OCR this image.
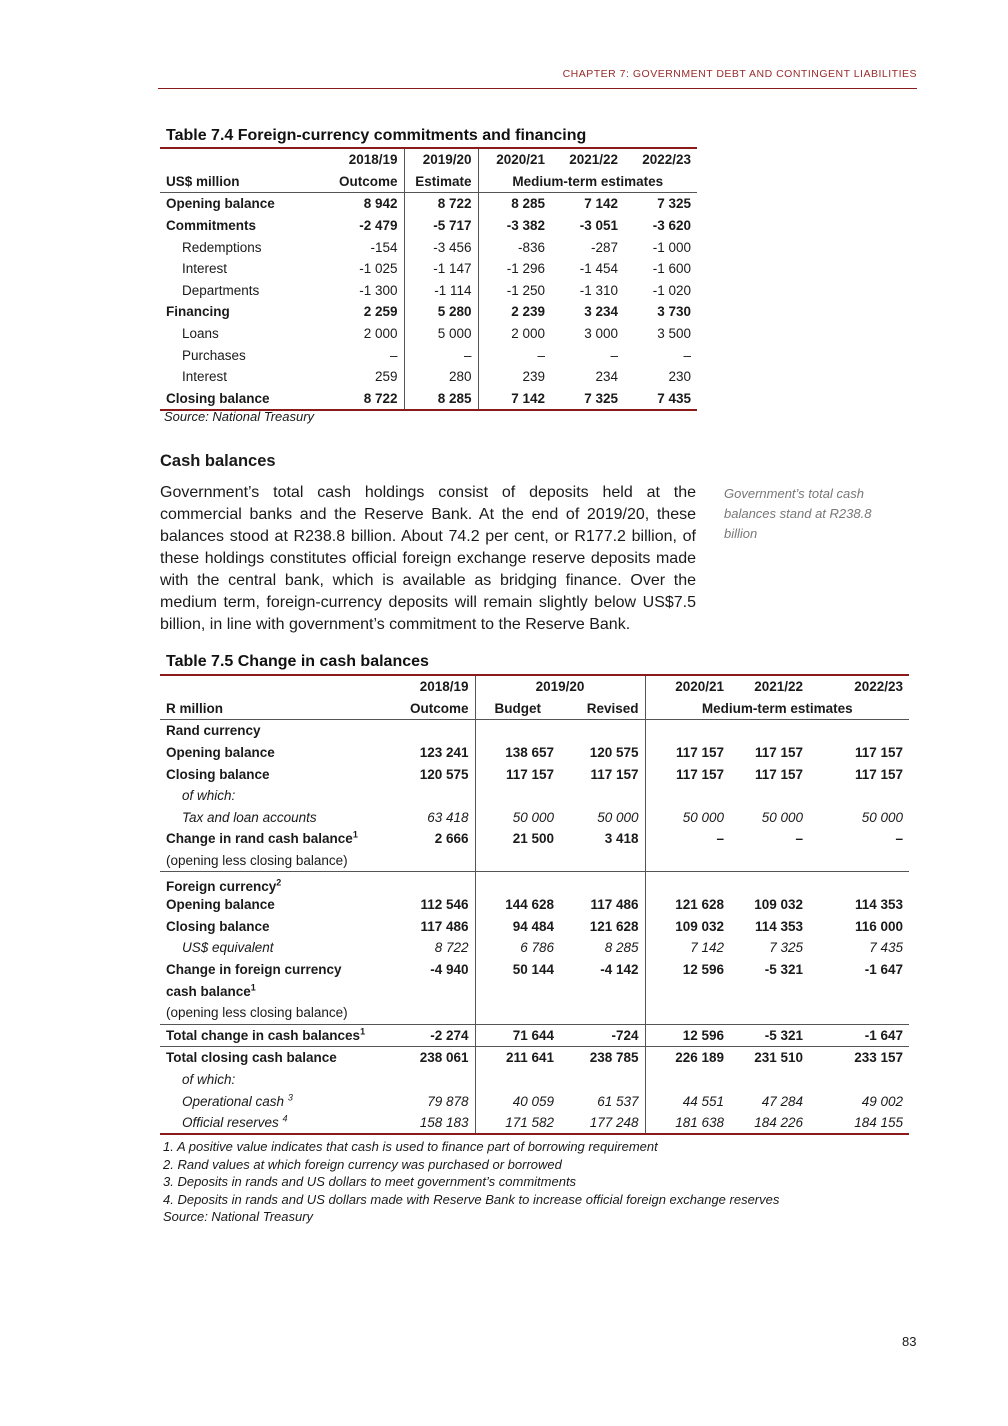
CHAPTER 7: GOVERNMENT DEBT AND CONTINGENT LIABILITIES
Table 7.4 Foreign-currency commitments and financing
	2018/19	2019/20	2020/21	2021/22	2022/23
US$ million	Outcome	Estimate	Medium-term estimates		
Opening balance	8 942	8 722	8 285	7 142	7 325
Commitments	-2 479	-5 717	-3 382	-3 051	-3 620
Redemptions	-154	-3 456	-836	-287	-1 000
Interest	-1 025	-1 147	-1 296	-1 454	-1 600
Departments	-1 300	-1 114	-1 250	-1 310	-1 020
Financing	2 259	5 280	2 239	3 234	3 730
Loans	2 000	5 000	2 000	3 000	3 500
Purchases	–	–	–	–	–
Interest	259	280	239	234	230
Closing balance	8 722	8 285	7 142	7 325	7 435
Source: National Treasury
Cash balances

Government’s total cash holdings consist of deposits held at the commercial banks and the Reserve Bank. At the end of 2019/20, these balances stood at R238.8 billion. About 74.2 per cent, or R177.2 billion, of these holdings constitutes official foreign exchange reserve deposits made with the central bank, which is available as bridging finance. Over the medium term, foreign-currency deposits will remain slightly below US$7.5 billion, in line with government’s commitment to the Reserve Bank.

Government’s total cash balances stand at R238.8 billion
Table 7.5 Change in cash balances
	2018/19	2019/20		2020/21	2021/22	2022/23
R million	Outcome	Budget	Revised	Medium-term estimates		
Rand currency						
Opening balance	123 241	138 657	120 575	117 157	117 157	117 157
Closing balance	120 575	117 157	117 157	117 157	117 157	117 157
of which:						
Tax and loan accounts	63 418	50 000	50 000	50 000	50 000	50 000
Change in rand cash balance$^1$	2 666	21 500	3 418	–	–	–
(opening less closing balance)						
Foreign currency$^2$						
Opening balance	112 546	144 628	117 486	121 628	109 032	114 353
Closing balance	117 486	94 484	121 628	109 032	114 353	116 000
US$ equivalent	8 722	6 786	8 285	7 142	7 325	7 435
Change in foreign currency	-4 940	50 144	-4 142	12 596	-5 321	-1 647
cash balance$^1$						
(opening less closing balance)						
Total change in cash balances$^1$	-2 274	71 644	-724	12 596	-5 321	-1 647
Total closing cash balance	238 061	211 641	238 785	226 189	231 510	233 157
of which:						
Operational cash $^3$	79 878	40 059	61 537	44 551	47 284	49 002
Official reserves $^4$	158 183	171 582	177 248	181 638	184 226	184 155
1. A positive value indicates that cash is used to finance part of borrowing requirement
2. Rand values at which foreign currency was purchased or borrowed
3. Deposits in rands and US dollars to meet government’s commitments
4. Deposits in rands and US dollars made with Reserve Bank to increase official foreign exchange reserves
Source: National Treasury
83
